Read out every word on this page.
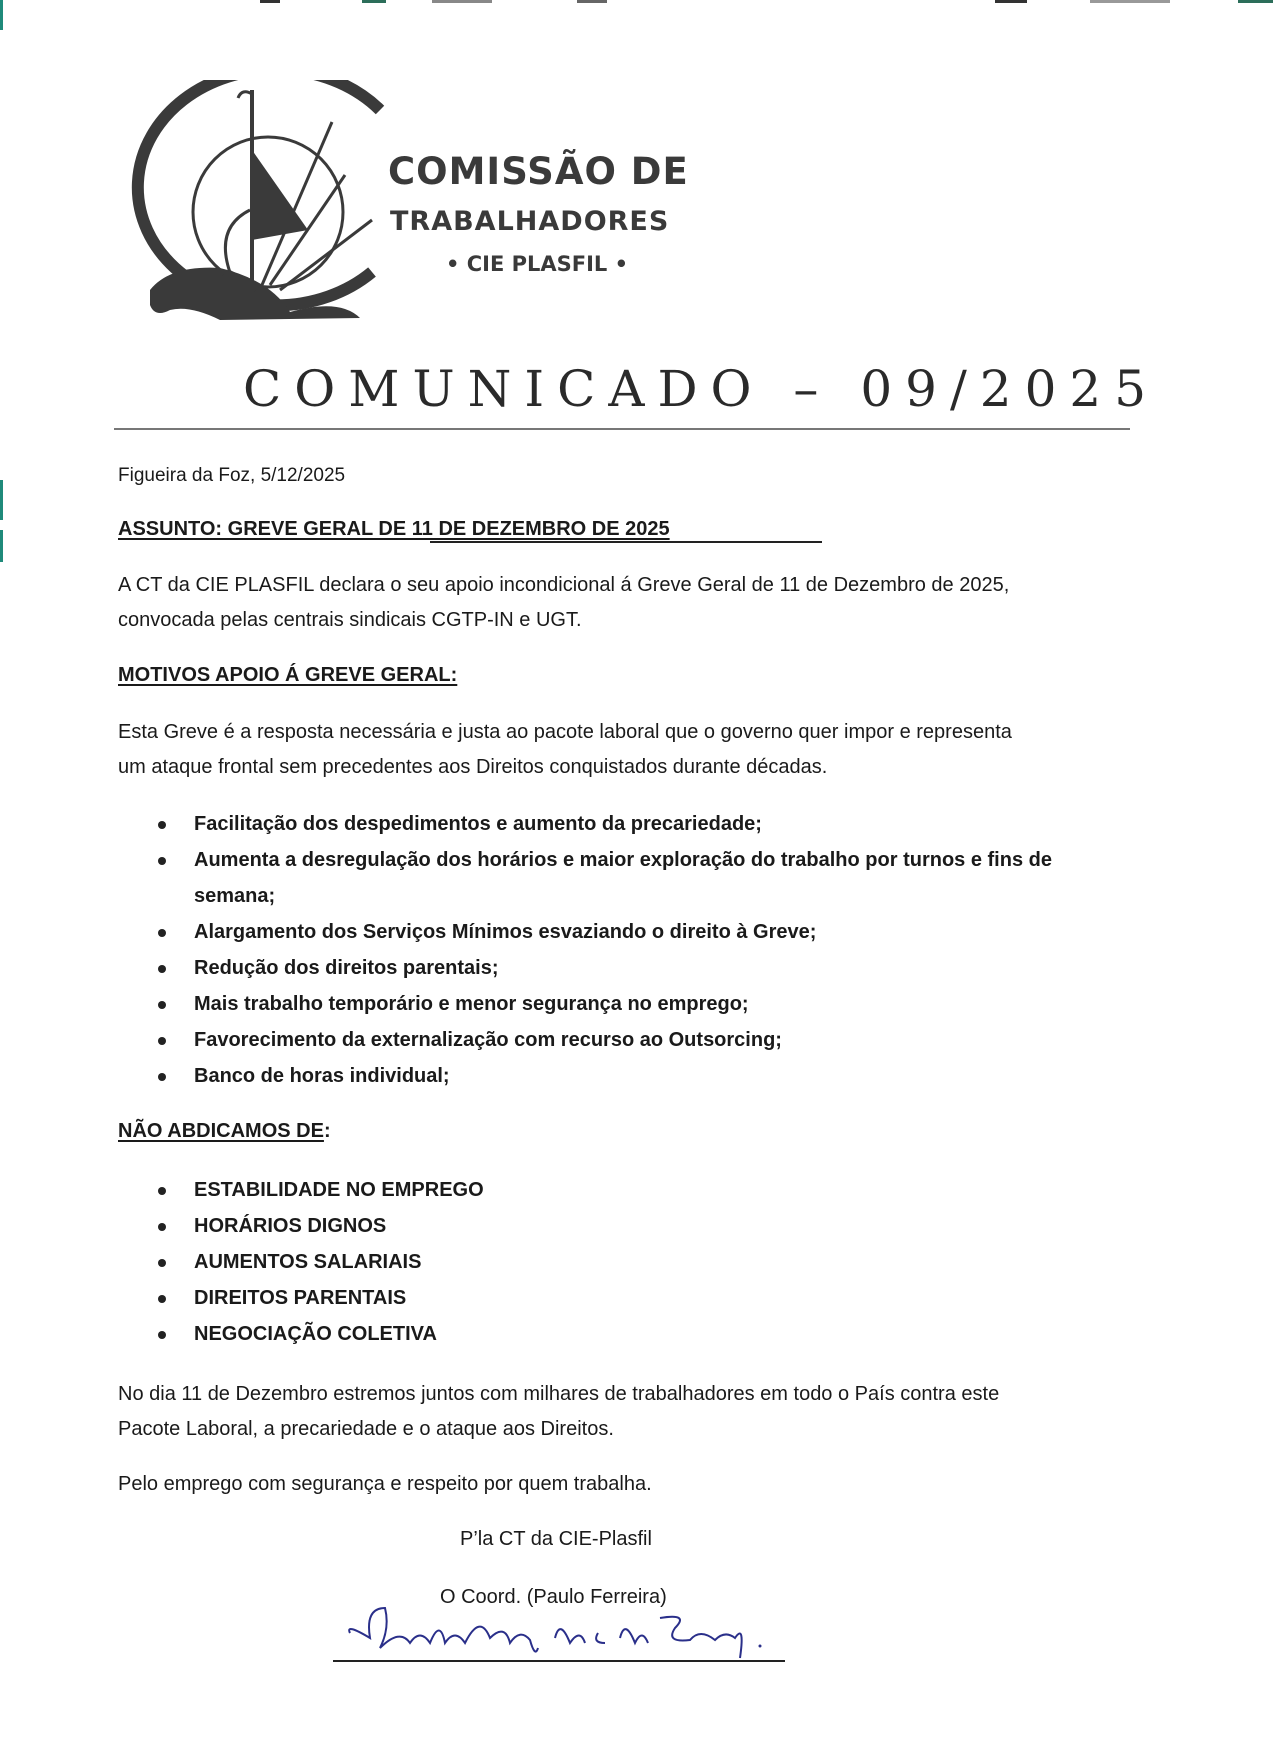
COMISSÃO DE
TRABALHADORES
• CIE PLASFIL •
COMUNICADO – 09/2025
Figueira da Foz, 5/12/2025
ASSUNTO: GREVE GERAL DE 11 DE DEZEMBRO DE 2025
A CT da CIE PLASFIL declara o seu apoio incondicional á Greve Geral de 11 de Dezembro de 2025,
convocada pelas centrais sindicais CGTP-IN e UGT.
MOTIVOS APOIO Á GREVE GERAL:
Esta Greve é a resposta necessária e justa ao pacote laboral que o governo quer impor e representa
um ataque frontal sem precedentes aos Direitos conquistados durante décadas.
Facilitação dos despedimentos e aumento da precariedade;
Aumenta a desregulação dos horários e maior exploração do trabalho por turnos e fins de
semana;
Alargamento dos Serviços Mínimos esvaziando o direito à Greve;
Redução dos direitos parentais;
Mais trabalho temporário e menor segurança no emprego;
Favorecimento da externalização com recurso ao Outsorcing;
Banco de horas individual;
NÃO ABDICAMOS DE:
ESTABILIDADE NO EMPREGO
HORÁRIOS DIGNOS
AUMENTOS SALARIAIS
DIREITOS PARENTAIS
NEGOCIAÇÃO COLETIVA
No dia 11 de Dezembro estremos juntos com milhares de trabalhadores em todo o País contra este
Pacote Laboral, a precariedade e o ataque aos Direitos.
Pelo emprego com segurança e respeito por quem trabalha.
P’la CT da CIE-Plasfil
O Coord. (Paulo Ferreira)
